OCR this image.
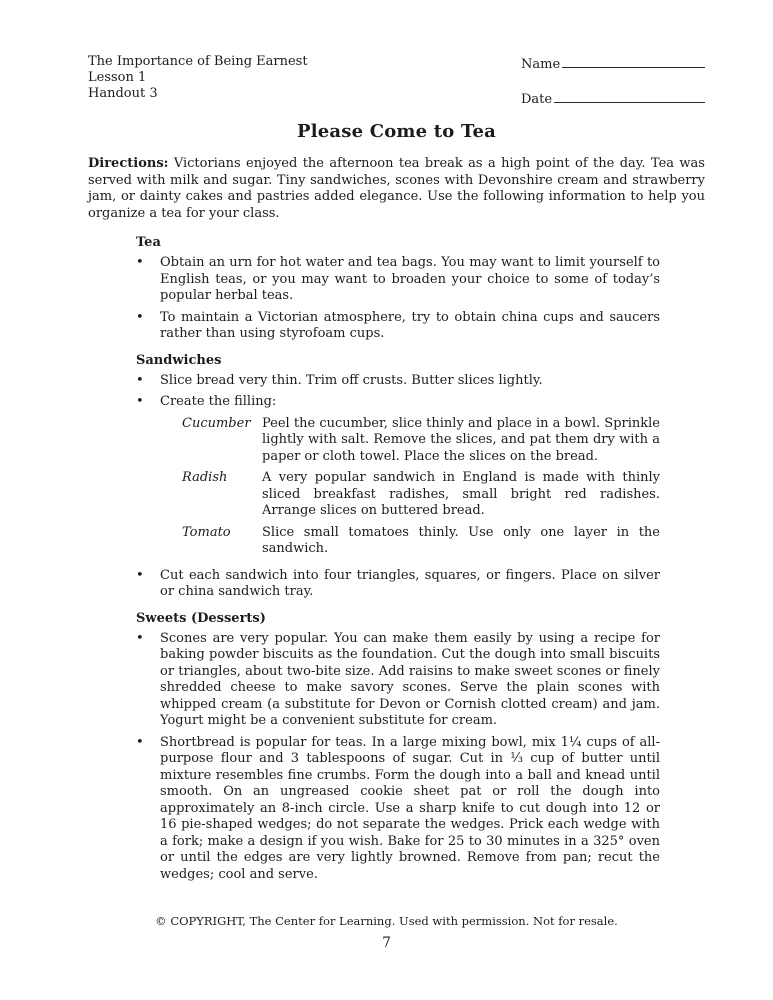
The Importance of Being Earnest
Lesson 1
Handout 3
Name
Date
Please Come to Tea

Directions: Victorians enjoyed the afternoon tea break as a high point of the day. Tea was served with milk and sugar. Tiny sandwiches, scones with Devonshire cream and strawberry jam, or dainty cakes and pastries added elegance. Use the following information to help you organize a tea for your class.

Tea
•	Obtain an urn for hot water and tea bags. You may want to limit yourself to English teas, or you may want to broaden your choice to some of today’s popular herbal teas.
•	To maintain a Victorian atmosphere, try to obtain china cups and saucers rather than using styrofoam cups.
Sandwiches
•	Slice bread very thin. Trim off crusts. Butter slices lightly.
•	Create the filling:
Cucumber Peel the cucumber, slice thinly and place in a bowl. Sprinkle lightly with salt. Remove the slices, and pat them dry with a paper or cloth towel. Place the slices on the bread.
Radish	A very popular sandwich in England is made with thinly sliced breakfast radishes, small bright red radishes. Arrange slices on buttered bread.
Tomato	Slice small tomatoes thinly. Use only one layer in the sandwich.
•	Cut each sandwich into four triangles, squares, or fingers. Place on silver or china sandwich tray.
Sweets (Desserts)
•	Scones are very popular. You can make them easily by using a recipe for baking powder biscuits as the foundation. Cut the dough into small biscuits or triangles, about two-bite size. Add raisins to make sweet scones or finely shredded cheese to make savory scones. Serve the plain scones with whipped cream (a substitute for Devon or Cornish clotted cream) and jam. Yogurt might be a convenient substitute for cream.
•	Shortbread is popular for teas. In a large mixing bowl, mix 1¼ cups of all-purpose flour and 3 tablespoons of sugar. Cut in ⅓ cup of butter until mixture resembles fine crumbs. Form the dough into a ball and knead until smooth. On an ungreased cookie sheet pat or roll the dough into approximately an 8-inch circle. Use a sharp knife to cut dough into 12 or 16 pie-shaped wedges; do not separate the wedges. Prick each wedge with a fork; make a design if you wish. Bake for 25 to 30 minutes in a 325° oven or until the edges are very lightly browned. Remove from pan; recut the wedges; cool and serve.
© COPYRIGHT, The Center for Learning. Used with permission. Not for resale.
7
